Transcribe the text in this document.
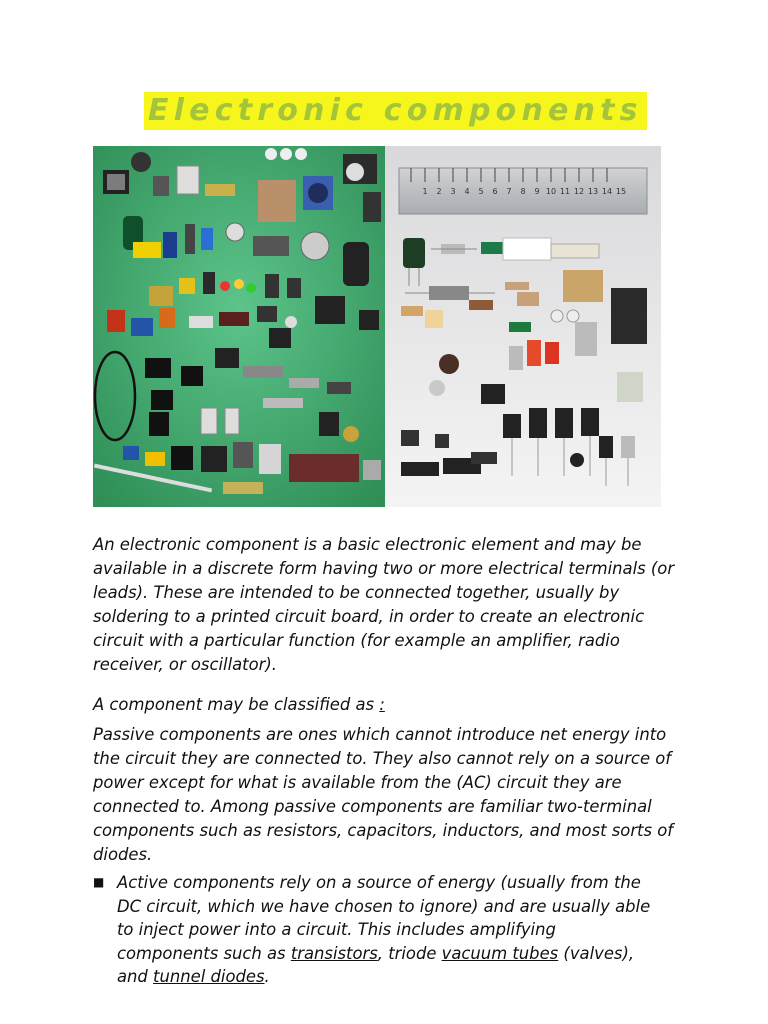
Electronic components
1 2 3 4 5 6 7 8 9 10 11 12 13 14 15
An electronic component is a basic electronic element and may be available in a discrete form having two or more electrical terminals (or leads). These are intended to be connected together, usually by soldering to a printed circuit board, in order to create an electronic circuit with a particular function (for example an amplifier, radio receiver, or oscillator).
A component may be classified as :
Passive components are ones which cannot introduce net energy into the circuit they are connected to. They also cannot rely on a source of power except for what is available from the (AC) circuit they are connected to. Among passive components are familiar two-terminal components such as resistors, capacitors, inductors, and most sorts of diodes.
■ Active components rely on a source of energy (usually from the DC circuit, which we have chosen to ignore) and are usually able to inject power into a circuit. This includes amplifying components such as transistors, triode vacuum tubes (valves), and tunnel diodes.
